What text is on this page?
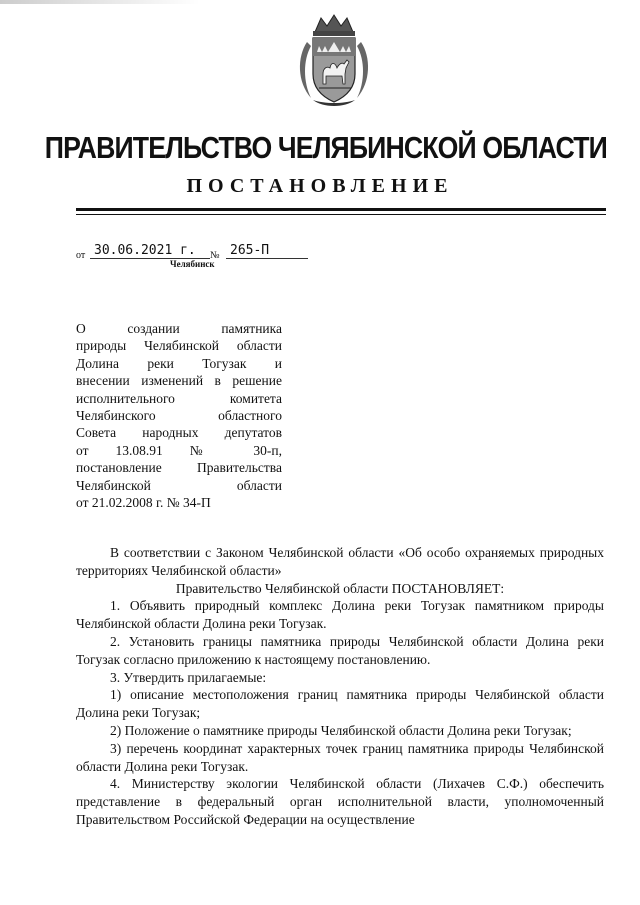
ПРАВИТЕЛЬСТВО ЧЕЛЯБИНСКОЙ ОБЛАСТИ
ПОСТАНОВЛЕНИЕ
от 30.06.2021 г.	№ 265-П
Челябинск
О создании памятника
природы Челябинской области
Долина реки Тогузак и
внесении изменений в решение
исполнительного комитета
Челябинского областного
Совета народных депутатов
от 13.08.91 № 30-п,
постановление Правительства
Челябинской области
от 21.02.2008 г. № 34-П

В соответствии с Законом Челябинской области «Об особо охраняемых природных территориях Челябинской области»

Правительство Челябинской области ПОСТАНОВЛЯЕТ:

1. Объявить природный комплекс Долина реки Тогузак памятником природы Челябинской области Долина реки Тогузак.

2. Установить границы памятника природы Челябинской области Долина реки Тогузак согласно приложению к настоящему постановлению.

3. Утвердить прилагаемые:

1) описание местоположения границ памятника природы Челябинской области Долина реки Тогузак;

2) Положение о памятнике природы Челябинской области Долина реки Тогузак;

3) перечень координат характерных точек границ памятника природы Челябинской области Долина реки Тогузак.

4. Министерству экологии Челябинской области (Лихачев С.Ф.) обеспечить представление в федеральный орган исполнительной власти, уполномоченный Правительством Российской Федерации на осуществление
